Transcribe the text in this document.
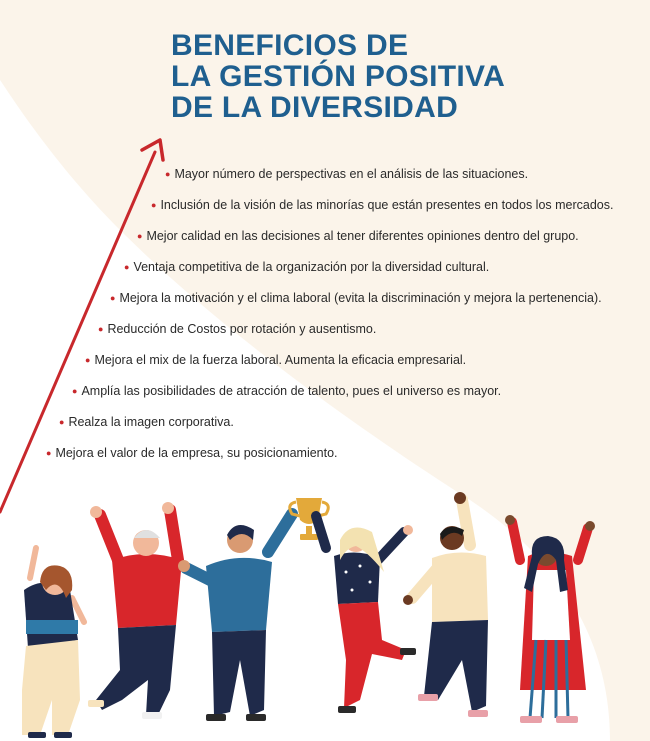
BENEFICIOS DE
LA GESTIÓN POSITIVA
DE LA DIVERSIDAD
● Mayor número de perspectivas en el análisis de las situaciones.
● Inclusión de la visión de las minorías que están presentes en todos los mercados.
● Mejor calidad en las decisiones al tener diferentes opiniones dentro del grupo.
● Ventaja competitiva de la organización por la diversidad cultural.
● Mejora la motivación y el clima laboral (evita la discriminación y mejora la pertenencia).
● Reducción de Costos por rotación y ausentismo.
● Mejora el mix de la fuerza laboral. Aumenta la eficacia empresarial.
● Amplía las posibilidades de atracción de talento, pues el universo es mayor.
● Realza la imagen corporativa.
● Mejora el valor de la empresa, su posicionamiento.
